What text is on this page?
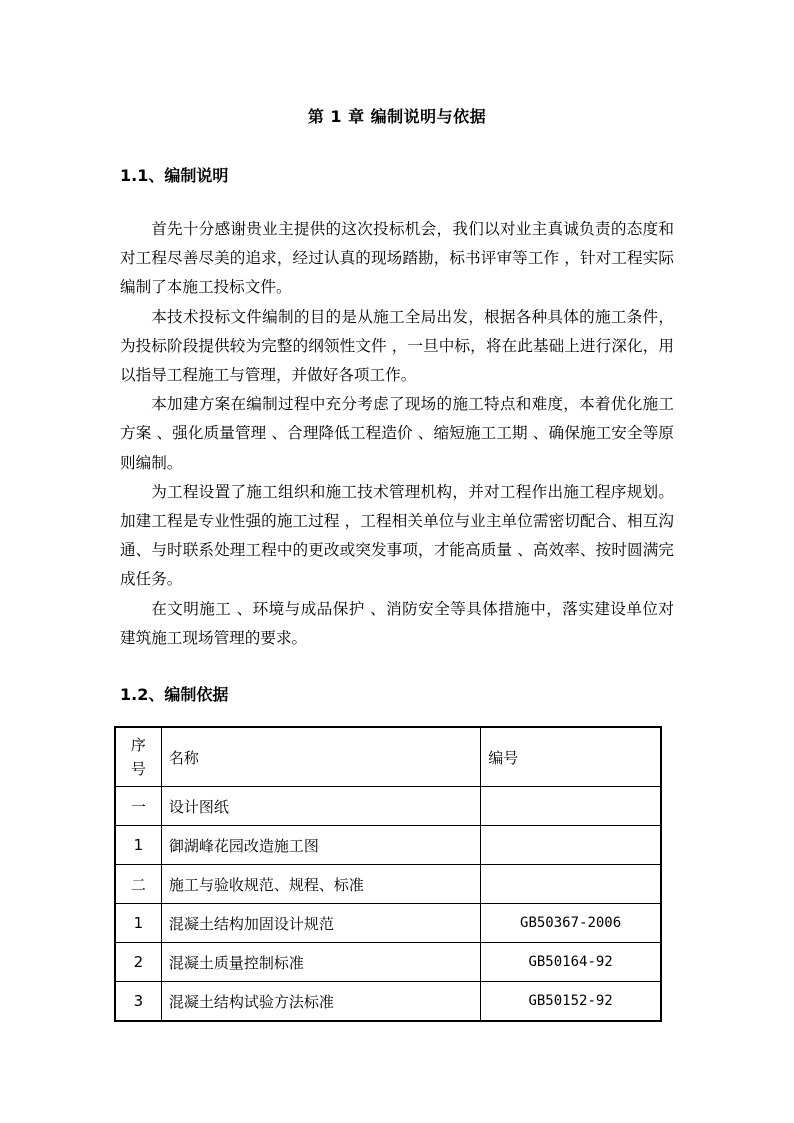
第 1 章 编制说明与依据
1.1、编制说明

首先十分感谢贵业主提供的这次投标机会，我们以对业主真诚负责的态度和对工程尽善尽美的追求，经过认真的现场踏勘，标书评审等工作 ，针对工程实际编制了本施工投标文件。

本技术投标文件编制的目的是从施工全局出发，根据各种具体的施工条件，为投标阶段提供较为完整的纲领性文件 ，一旦中标，将在此基础上进行深化，用以指导工程施工与管理，并做好各项工作。

本加建方案在编制过程中充分考虑了现场的施工特点和难度，本着优化施工方案 、强化质量管理 、合理降低工程造价 、缩短施工工期 、确保施工安全等原则编制。

为工程设置了施工组织和施工技术管理机构，并对工程作出施工程序规划。加建工程是专业性强的施工过程 ，工程相关单位与业主单位需密切配合、相互沟通、与时联系处理工程中的更改或突发事项，才能高质量 、高效率、按时圆满完成任务。

在文明施工 、环境与成品保护 、消防安全等具体措施中，落实建设单位对建筑施工现场管理的要求。

1.2、编制依据
序
号	名称	编号
一	设计图纸	
1	御湖峰花园改造施工图	
二	施工与验收规范、规程、标准	
1	混凝土结构加固设计规范	GB50367-2006
2	混凝土质量控制标准	GB50164-92
3	混凝土结构试验方法标准	GB50152-92
